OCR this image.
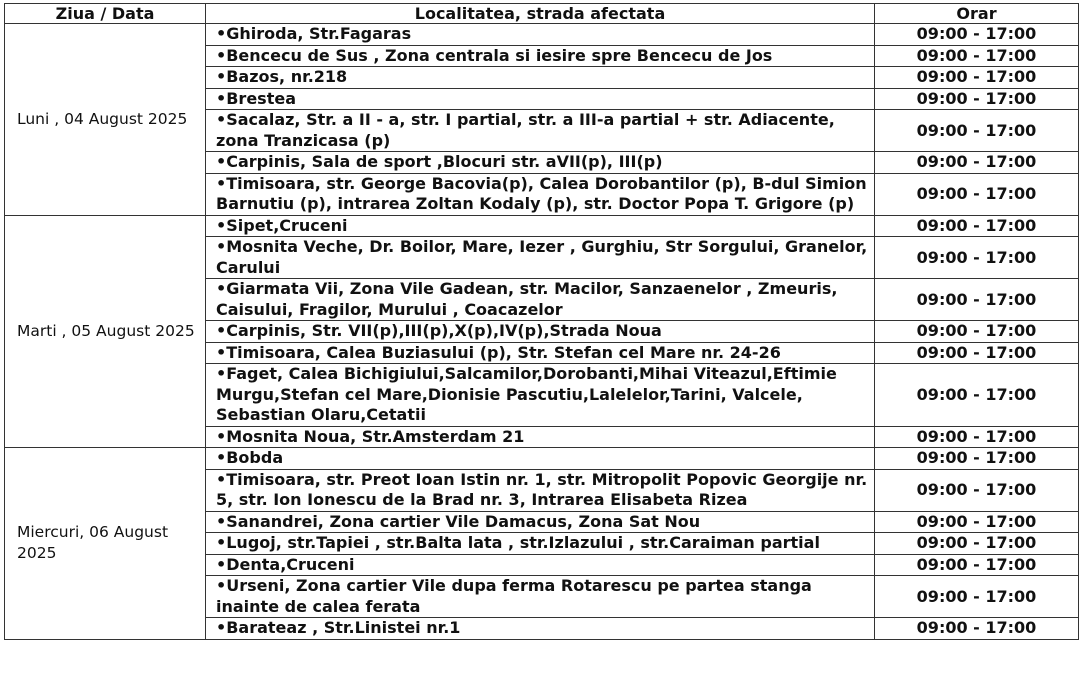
Ziua / Data	Localitatea, strada afectata	Orar
Luni , 04 August 2025	•Ghiroda, Str.Fagaras	09:00 - 17:00
	•Bencecu de Sus , Zona centrala si iesire spre Bencecu de Jos	09:00 - 17:00
	•Bazos, nr.218	09:00 - 17:00
	•Brestea	09:00 - 17:00
	•Sacalaz, Str. a II - a, str. I partial, str. a III-a partial + str. Adiacente, zona Tranzicasa (p)	09:00 - 17:00
	•Carpinis, Sala de sport ,Blocuri str. aVII(p), III(p)	09:00 - 17:00
	•Timisoara, str. George Bacovia(p), Calea Dorobantilor (p), B-dul Simion Barnutiu (p), intrarea Zoltan Kodaly (p), str. Doctor Popa T. Grigore (p)	09:00 - 17:00
Marti , 05 August 2025	•Sipet,Cruceni	09:00 - 17:00
	•Mosnita Veche, Dr. Boilor, Mare, Iezer , Gurghiu, Str Sorgului, Granelor, Carului	09:00 - 17:00
	•Giarmata Vii, Zona Vile Gadean, str. Macilor, Sanzaenelor , Zmeuris, Caisului, Fragilor, Murului , Coacazelor	09:00 - 17:00
	•Carpinis, Str. VII(p),III(p),X(p),IV(p),Strada Noua	09:00 - 17:00
	•Timisoara, Calea Buziasului (p), Str. Stefan cel Mare nr. 24-26	09:00 - 17:00
	•Faget, Calea Bichigiului,Salcamilor,Dorobanti,Mihai Viteazul,Eftimie Murgu,Stefan cel Mare,Dionisie Pascutiu,Lalelelor,Tarini, Valcele, Sebastian Olaru,Cetatii	09:00 - 17:00
	•Mosnita Noua, Str.Amsterdam 21	09:00 - 17:00
Miercuri, 06 August 2025	•Bobda	09:00 - 17:00
	•Timisoara, str. Preot Ioan Istin nr. 1, str. Mitropolit Popovic Georgije nr. 5, str. Ion Ionescu de la Brad nr. 3, Intrarea Elisabeta Rizea	09:00 - 17:00
	•Sanandrei, Zona cartier Vile Damacus, Zona Sat Nou	09:00 - 17:00
	•Lugoj, str.Tapiei , str.Balta lata , str.Izlazului , str.Caraiman partial	09:00 - 17:00
	•Denta,Cruceni	09:00 - 17:00
	•Urseni, Zona cartier Vile dupa ferma Rotarescu pe partea stanga inainte de calea ferata	09:00 - 17:00
	•Barateaz , Str.Linistei nr.1	09:00 - 17:00
